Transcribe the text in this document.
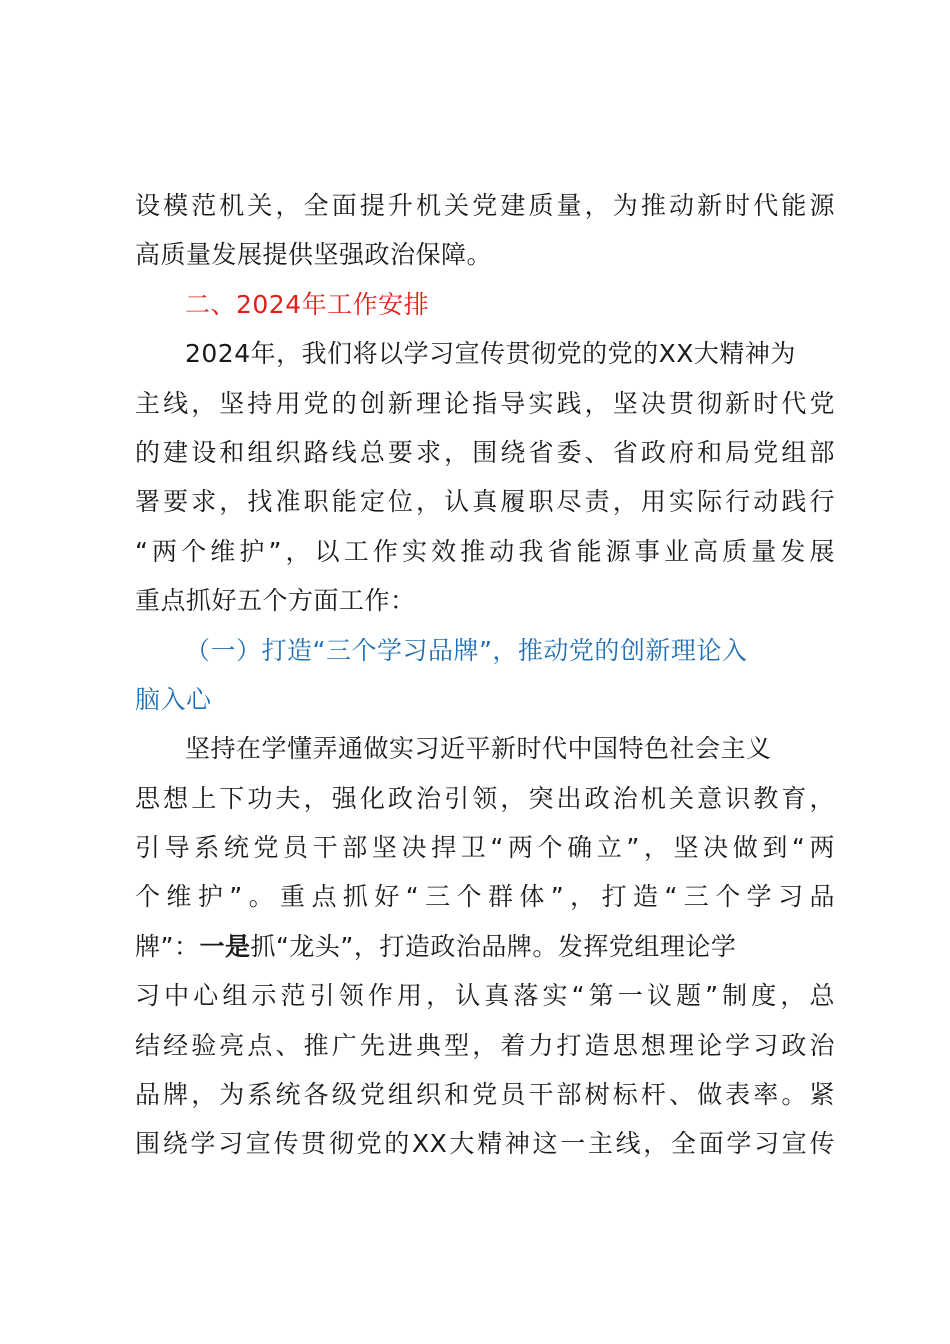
设模范机关，全面提升机关党建质量，为推动新时代能源
高质量发展提供坚强政治保障。
二、2024年工作安排
2024年，我们将以学习宣传贯彻党的党的XX大精神为
主线，坚持用党的创新理论指导实践，坚决贯彻新时代党
的建设和组织路线总要求，围绕省委、省政府和局党组部
署要求，找准职能定位，认真履职尽责，用实际行动践行
“两个维护”，以工作实效推动我省能源事业高质量发展
重点抓好五个方面工作：
（一）打造“三个学习品牌”，推动党的创新理论入
脑入心
坚持在学懂弄通做实习近平新时代中国特色社会主义
思想上下功夫，强化政治引领，突出政治机关意识教育，
引导系统党员干部坚决捍卫“两个确立”，坚决做到“两
个维护”。重点抓好“三个群体”，打造“三个学习品
牌”：一是抓“龙头”，打造政治品牌。发挥党组理论学
习中心组示范引领作用，认真落实“第一议题”制度，总
结经验亮点、推广先进典型，着力打造思想理论学习政治
品牌，为系统各级党组织和党员干部树标杆、做表率。紧
围绕学习宣传贯彻党的XX大精神这一主线，全面学习宣传
